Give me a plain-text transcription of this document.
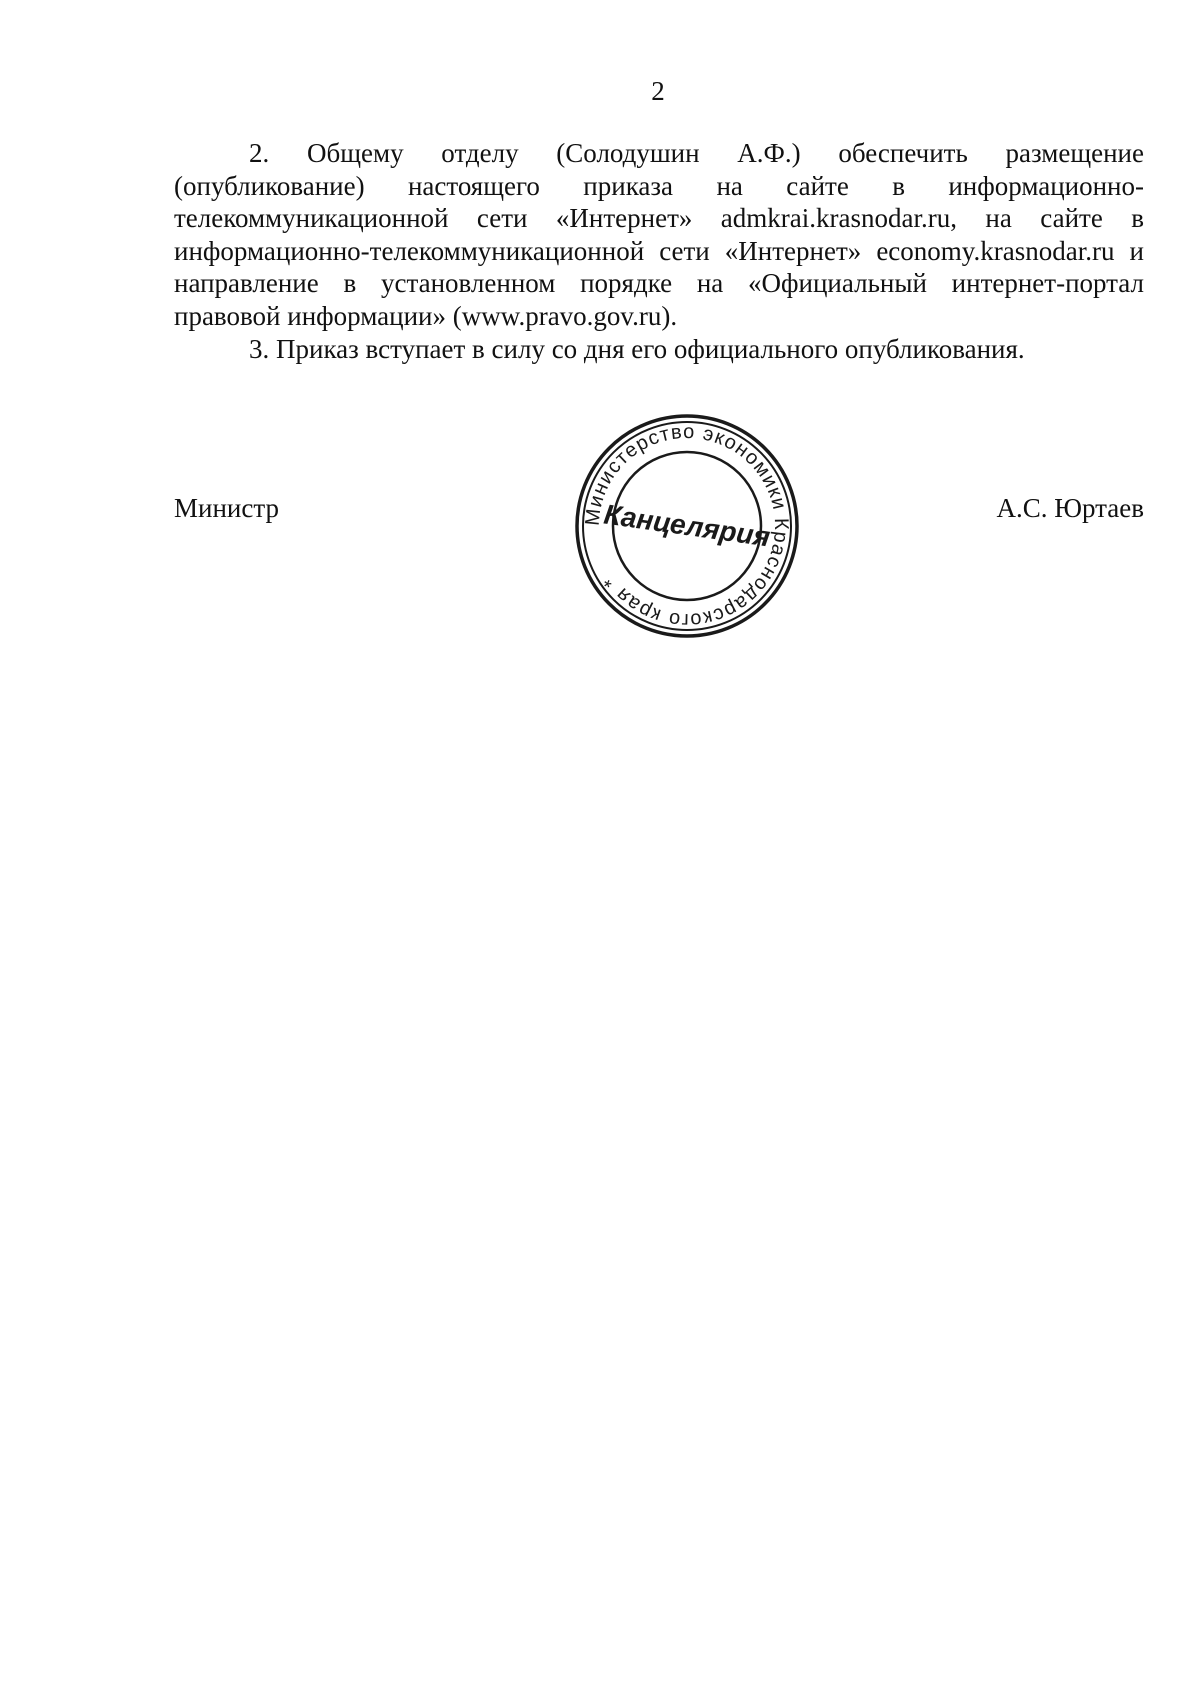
2

2. Общему отделу (Солодушин А.Ф.) обеспечить размещение (опубликование) настоящего приказа на сайте в информационно-телекоммуникационной сети «Интернет» admkrai.krasnodar.ru, на сайте в информационно-телекоммуникационной сети «Интернет» economy.krasnodar.ru и направление в установленном порядке на «Официальный интернет-портал правовой информации» (www.pravo.gov.ru).

3. Приказ вступает в силу со дня его официального опубликования.

Министр	А.С. Юртаев
Министерство экономики Краснодарского края *
Канцелярия
